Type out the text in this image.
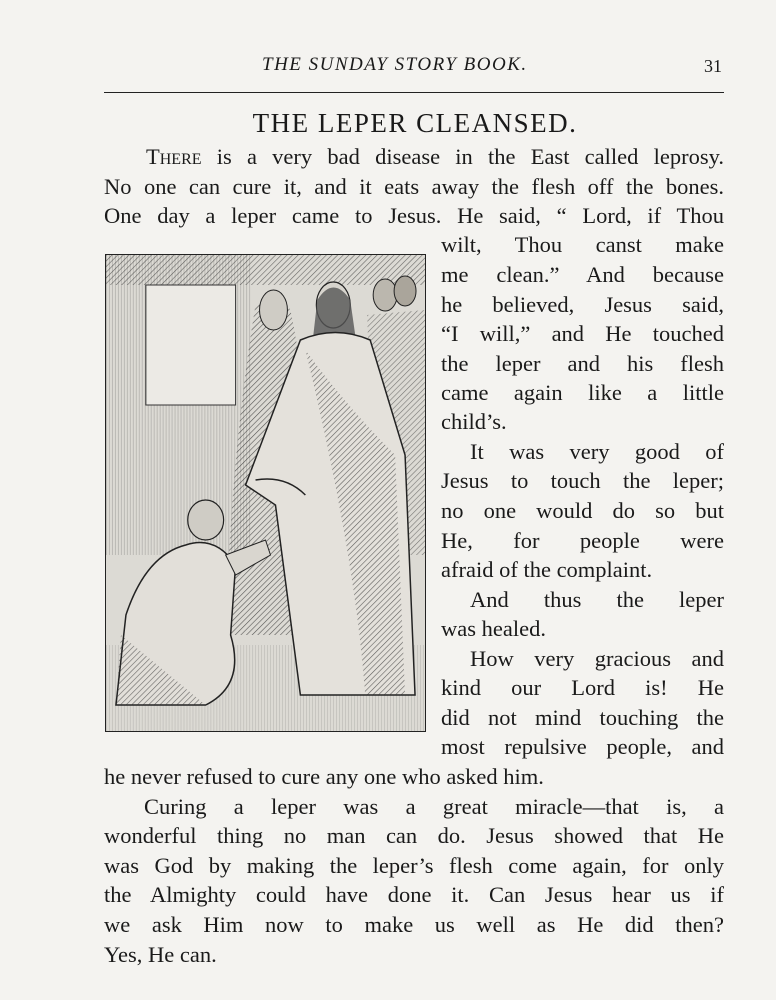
THE SUNDAY STORY BOOK.	31
THE LEPER CLEANSED.
There is a very bad disease in the East called leprosy.
No one can cure it, and it eats away the flesh off the bones.
One day a leper came to Jesus. He said, “ Lord, if Thou
wilt, Thou canst make
me clean.” And because
he believed, Jesus said,
“I will,” and He touched
the leper and his flesh
came again like a little
child’s.
It was very good of
Jesus to touch the leper;
no one would do so but
He, for people were
afraid of the complaint.
And thus the leper
was healed.
How very gracious and
kind our Lord is! He
did not mind touching the
most repulsive people, and
he never refused to cure any one who asked him.
Curing a leper was a great miracle—that is, a
wonderful thing no man can do. Jesus showed that He
was God by making the leper’s flesh come again, for only
the Almighty could have done it. Can Jesus hear us if
we ask Him now to make us well as He did then?
Yes, He can.
